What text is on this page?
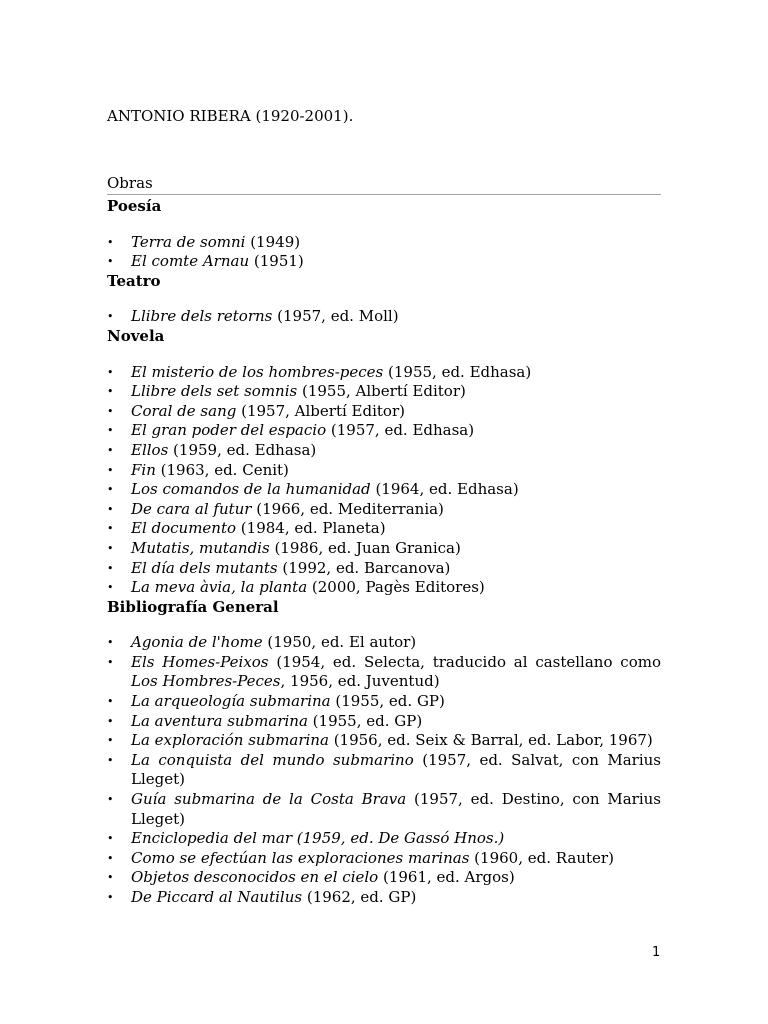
ANTONIO RIBERA (1920-2001).

Obras

Poesía

• Terra de somni (1949)
• El comte Arnau (1951)

Teatro

• Llibre dels retorns (1957, ed. Moll)

Novela

• El misterio de los hombres-peces (1955, ed. Edhasa)
• Llibre dels set somnis (1955, Albertí Editor)
• Coral de sang (1957, Albertí Editor)
• El gran poder del espacio (1957, ed. Edhasa)
• Ellos (1959, ed. Edhasa)
• Fin (1963, ed. Cenit)
• Los comandos de la humanidad (1964, ed. Edhasa)
• De cara al futur (1966, ed. Mediterrania)
• El documento (1984, ed. Planeta)
• Mutatis, mutandis (1986, ed. Juan Granica)
• El día dels mutants (1992, ed. Barcanova)
• La meva àvia, la planta (2000, Pagès Editores)

Bibliografía General

• Agonia de l'home (1950, ed. El autor)
• Els Homes-Peixos (1954, ed. Selecta, traducido al castellano como Los Hombres-Peces, 1956, ed. Juventud)
• La arqueología submarina (1955, ed. GP)
• La aventura submarina (1955, ed. GP)
• La exploración submarina (1956, ed. Seix & Barral, ed. Labor, 1967)
• La conquista del mundo submarino (1957, ed. Salvat, con Marius Lleget)
• Guía submarina de la Costa Brava (1957, ed. Destino, con Marius Lleget)
• Enciclopedia del mar (1959, ed. De Gassó Hnos.)
• Como se efectúan las exploraciones marinas (1960, ed. Rauter)
• Objetos desconocidos en el cielo (1961, ed. Argos)
• De Piccard al Nautilus (1962, ed. GP)
1
